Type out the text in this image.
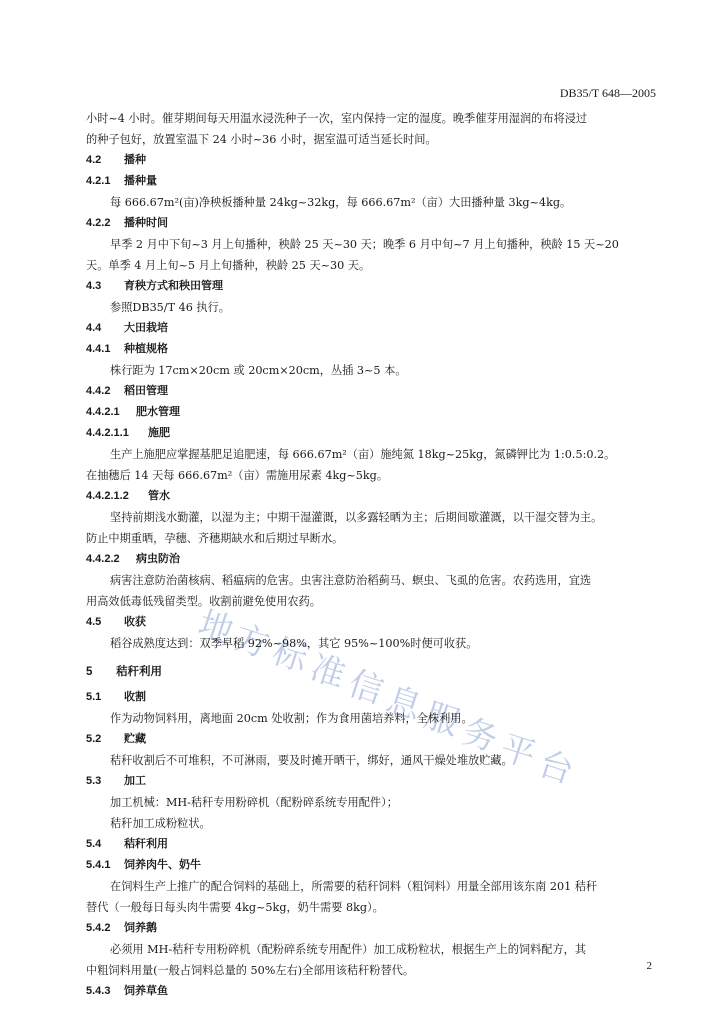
DB35/T 648—2005
地
方
标
准
信
息
服
务
平
台

小时~4 小时。催芽期间每天用温水浸洗种子一次，室内保持一定的湿度。晚季催芽用湿润的布将浸过

的种子包好，放置室温下 24 小时~36 小时，据室温可适当延长时间。

4.2 播种

4.2.1 播种量

每 666.67m²(亩)净秧板播种量 24kg~32kg，每 666.67m²（亩）大田播种量 3kg~4kg。

4.2.2 播种时间

早季 2 月中下旬~3 月上旬播种，秧龄 25 天~30 天；晚季 6 月中旬~7 月上旬播种，秧龄 15 天~20

天。单季 4 月上旬~5 月上旬播种，秧龄 25 天~30 天。

4.3 育秧方式和秧田管理

参照DB35/T 46 执行。

4.4 大田栽培

4.4.1 种植规格

株行距为 17cm×20cm 或 20cm×20cm，丛插 3~5 本。

4.4.2 稻田管理

4.4.2.1 肥水管理

4.4.2.1.1 施肥

生产上施肥应掌握基肥足追肥速，每 666.67m²（亩）施纯氮 18kg~25kg，氮磷钾比为 1:0.5:0.2。

在抽穗后 14 天每 666.67m²（亩）需施用尿素 4kg~5kg。

4.4.2.1.2 管水

坚持前期浅水勤灌，以湿为主；中期干湿灌溉，以多露轻晒为主；后期间歇灌溉，以干湿交替为主。

防止中期重晒，孕穗、齐穗期缺水和后期过早断水。

4.4.2.2 病虫防治

病害注意防治菌核病、稻瘟病的危害。虫害注意防治稻蓟马、螟虫、飞虱的危害。农药选用，宜选

用高效低毒低残留类型。收割前避免使用农药。

4.5 收获

稻谷成熟度达到：双季早稻 92%~98%，其它 95%~100%时便可收获。

5 秸秆利用

5.1 收割

作为动物饲料用，离地面 20cm 处收割；作为食用菌培养料，全株利用。

5.2 贮藏

秸秆收割后不可堆积，不可淋雨，要及时摊开晒干，绑好，通风干燥处堆放贮藏。

5.3 加工

加工机械：MH-秸秆专用粉碎机（配粉碎系统专用配件）；

秸秆加工成粉粒状。

5.4 秸秆利用

5.4.1 饲养肉牛、奶牛

在饲料生产上推广的配合饲料的基础上，所需要的秸秆饲料（粗饲料）用量全部用该东南 201 秸秆

替代（一般每日每头肉牛需要 4kg~5kg，奶牛需要 8kg）。

5.4.2 饲养鹅

必须用 MH-秸秆专用粉碎机（配粉碎系统专用配件）加工成粉粒状，根据生产上的饲料配方，其

中粗饲料用量(一般占饲料总量的 50%左右)全部用该秸秆粉替代。

5.4.3 饲养草鱼

2
